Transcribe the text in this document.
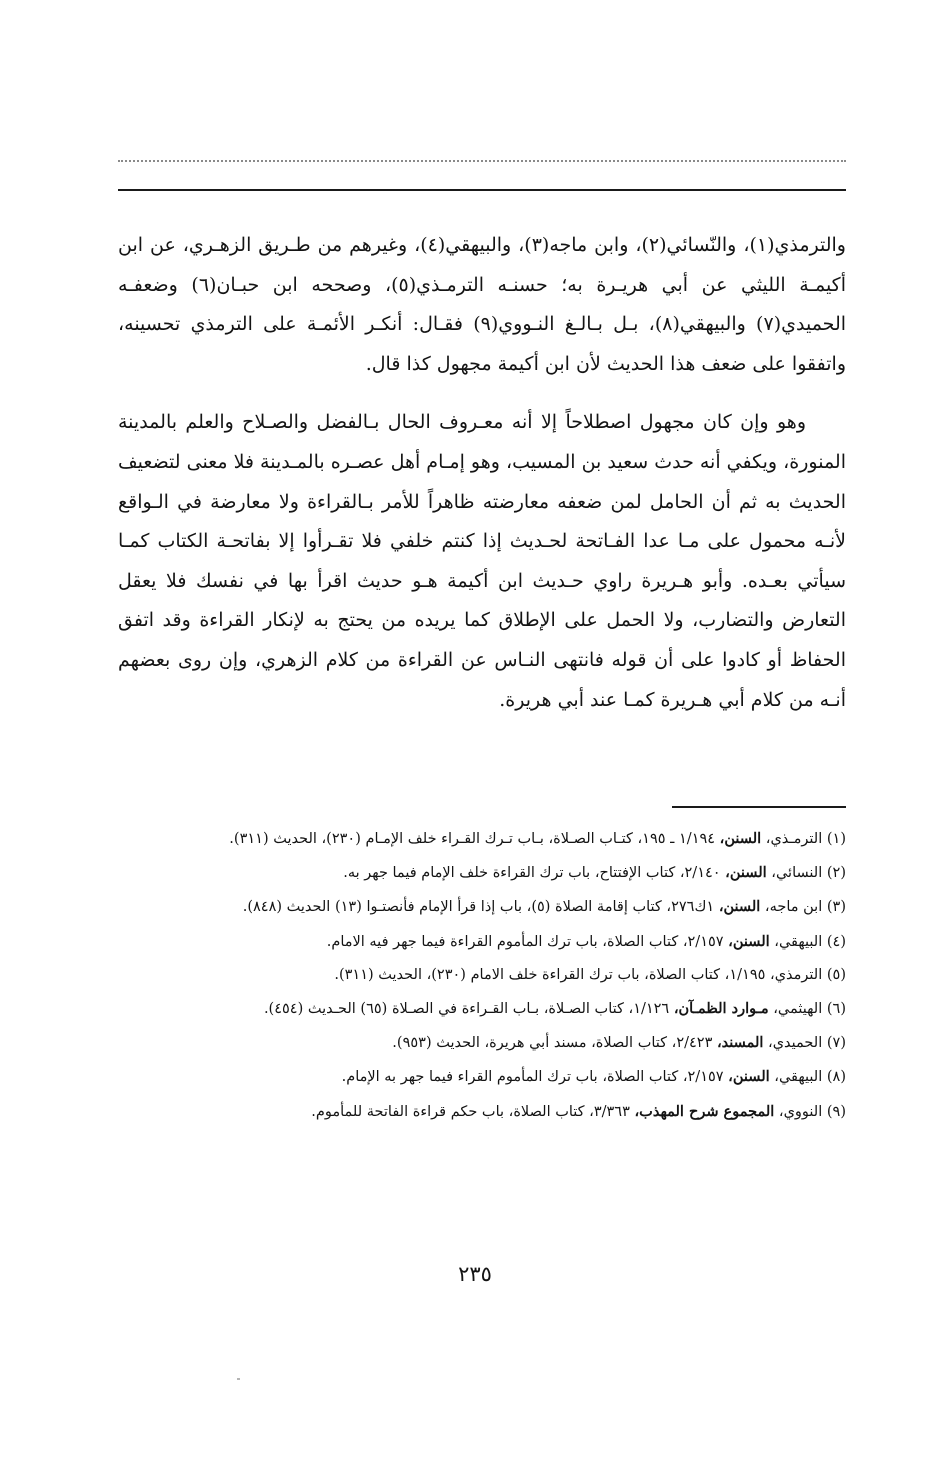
والترمذي(١)، والنّسائي(٢)، وابن ماجه(٣)، والبيهقي(٤)، وغيرهم من طـريق الزهـري، عن ابن أكيمـة الليثي عن أبي هريـرة به؛ حسنـه الترمـذي(٥)، وصححه ابن حبـان(٦) وضعفـه الحميدي(٧) والبيهقي(٨)، بـل بـالـغ النـووي(٩) فقـال: أنكـر الأئمـة على الترمذي تحسينه، واتفقوا على ضعف هذا الحديث لأن ابن أكيمة مجهول كذا قال.

وهو وإن كان مجهول اصطلاحاً إلا أنه معـروف الحال بـالفضل والصـلاح والعلم بالمدينة المنورة، ويكفي أنه حدث سعيد بن المسيب، وهو إمـام أهل عصـره بالمـدينة فلا معنى لتضعيف الحديث به ثم أن الحامل لمن ضعفه معارضته ظاهراً للأمر بـالقراءة ولا معارضة في الـواقع لأنـه محمول على مـا عدا الفـاتحة لحـديث إذا كنتم خلفي فلا تقـرأوا إلا بفاتحـة الكتاب كمـا سيأتي بعـده. وأبو هـريرة راوي حـديث ابن أكيمة هـو حديث اقرأ بها في نفسك فلا يعقل التعارض والتضارب، ولا الحمل على الإطلاق كما يريده من يحتج به لإنكار القراءة وقد اتفق الحفاظ أو كادوا على أن قوله فانتهى النـاس عن القراءة من كلام الزهري، وإن روى بعضهم أنـه من كلام أبي هـريرة كمـا عند أبي هريرة.

(١) الترمـذي، السنن، ١/١٩٤ ـ ١٩٥، كتـاب الصـلاة، بـاب تـرك القـراء خلف الإمـام (٢٣٠)، الحديث (٣١١).
(٢) النسائي، السنن، ٢/١٤٠، كتاب الإفتتاح، باب ترك القراءة خلف الإمام فيما جهر به.
(٣) ابن ماجه، السنن، ١ك٢٧٦، كتاب إقامة الصلاة (٥)، باب إذا قرأ الإمام فأنصتـوا (١٣) الحديث (٨٤٨).
(٤) البيهقي، السنن، ٢/١٥٧، كتاب الصلاة، باب ترك المأموم القراءة فيما جهر فيه الامام.
(٥) الترمذي، ١/١٩٥، كتاب الصلاة، باب ترك القراءة خلف الامام (٢٣٠)، الحديث (٣١١).
(٦) الهيثمي، مـوارد الظمـآن، ١/١٢٦، كتاب الصـلاة، بـاب القـراءة في الصـلاة (٦٥) الحـديث (٤٥٤).
(٧) الحميدي، المسند، ٢/٤٢٣، كتاب الصلاة، مسند أبي هريرة، الحديث (٩٥٣).
(٨) البيهقي، السنن، ٢/١٥٧، كتاب الصلاة، باب ترك المأموم القراء فيما جهر به الإمام.
(٩) النووي، المجموع شرح المهذب، ٣/٣٦٣، كتاب الصلاة، باب حكم قراءة الفاتحة للمأموم.
٢٣٥
